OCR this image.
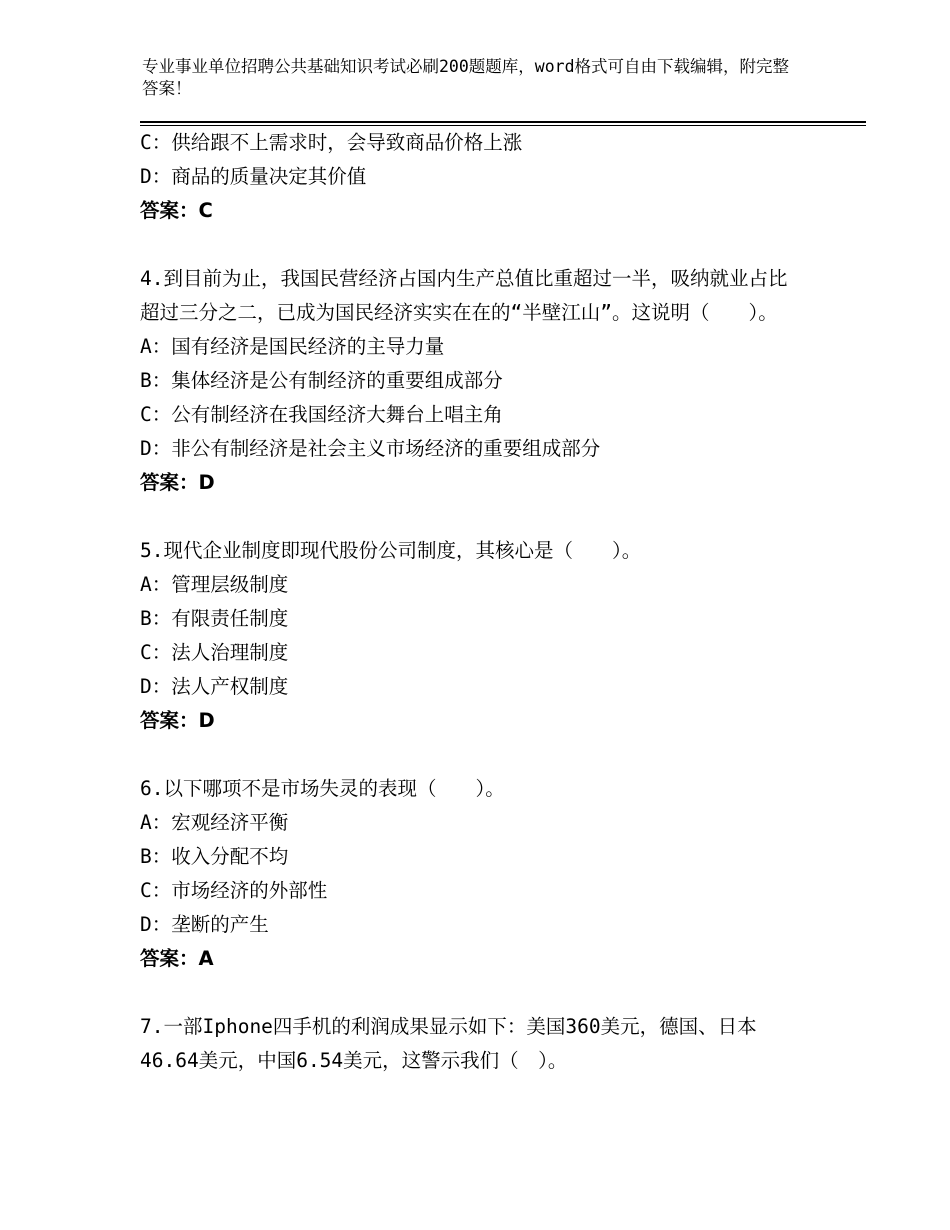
专业事业单位招聘公共基础知识考试必刷200题题库，word格式可自由下载编辑，附完整答案！
C：供给跟不上需求时，会导致商品价格上涨
D：商品的质量决定其价值
答案：C
4.到目前为止，我国民营经济占国内生产总值比重超过一半，吸纳就业占比超过三分之二，已成为国民经济实实在在的“半壁江山”。这说明（　　）。
A：国有经济是国民经济的主导力量
B：集体经济是公有制经济的重要组成部分
C：公有制经济在我国经济大舞台上唱主角
D：非公有制经济是社会主义市场经济的重要组成部分
答案：D
5.现代企业制度即现代股份公司制度，其核心是（　　）。
A：管理层级制度
B：有限责任制度
C：法人治理制度
D：法人产权制度
答案：D
6.以下哪项不是市场失灵的表现（　　）。
A：宏观经济平衡
B：收入分配不均
C：市场经济的外部性
D：垄断的产生
答案：A
7.一部Iphone四手机的利润成果显示如下：美国360美元，德国、日本46.64美元，中国6.54美元，这警示我们（　）。
